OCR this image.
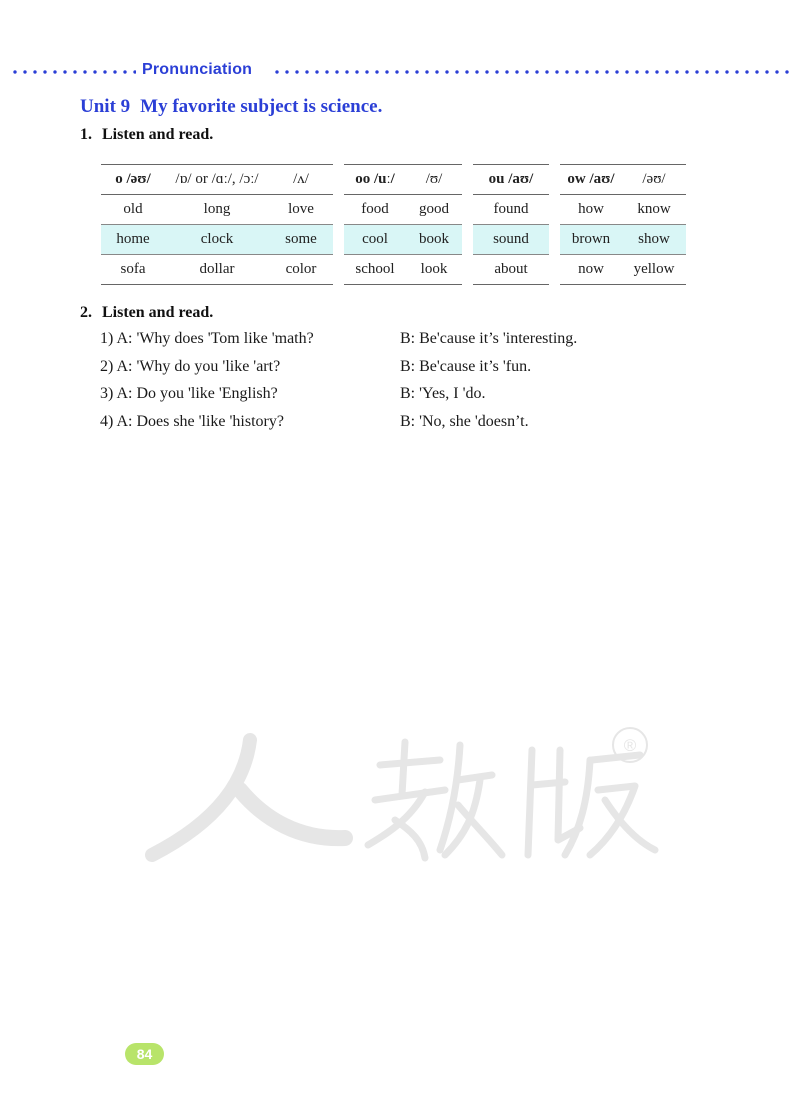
Pronunciation
Unit 9 My favorite subject is science.
1. Listen and read.
o /əʊ/	/ɒ/ or /ɑː/, /ɔː/	/ʌ/
old	long	love
home	clock	some
sofa	dollar	color
oo /uː/	/ʊ/
food	good
cool	book
school	look
ou /aʊ/
found
sound
about
ow /aʊ/	/əʊ/
how	know
brown	show
now	yellow
2. Listen and read.
1) A: 'Why does 'Tom like 'math?	B: Be'cause it’s 'interesting.
2) A: 'Why do you 'like 'art?	B: Be'cause it’s 'fun.
3) A: Do you 'like 'English?	B: 'Yes, I 'do.
4) A: Does she 'like 'history?	B: 'No, she 'doesn’t.
®
84
